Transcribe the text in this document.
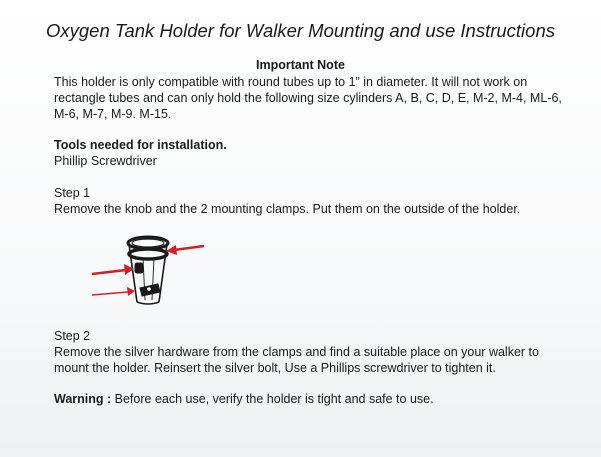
Oxygen Tank Holder for Walker Mounting and use Instructions
Important Note
This holder is only compatible with round tubes up to 1” in diameter. It will not work on rectangle tubes and can only hold the following size cylinders A, B, C, D, E, M-2, M-4, ML-6, M-6, M-7, M-9. M-15.
Tools needed for installation.
Phillip Screwdriver
Step 1
Remove the knob and the 2 mounting clamps. Put them on the outside of the holder.
Step 2
Remove the silver hardware from the clamps and find a suitable place on your walker to mount the holder. Reinsert the silver bolt, Use a Phillips screwdriver to tighten it.
Warning : Before each use, verify the holder is tight and safe to use.
